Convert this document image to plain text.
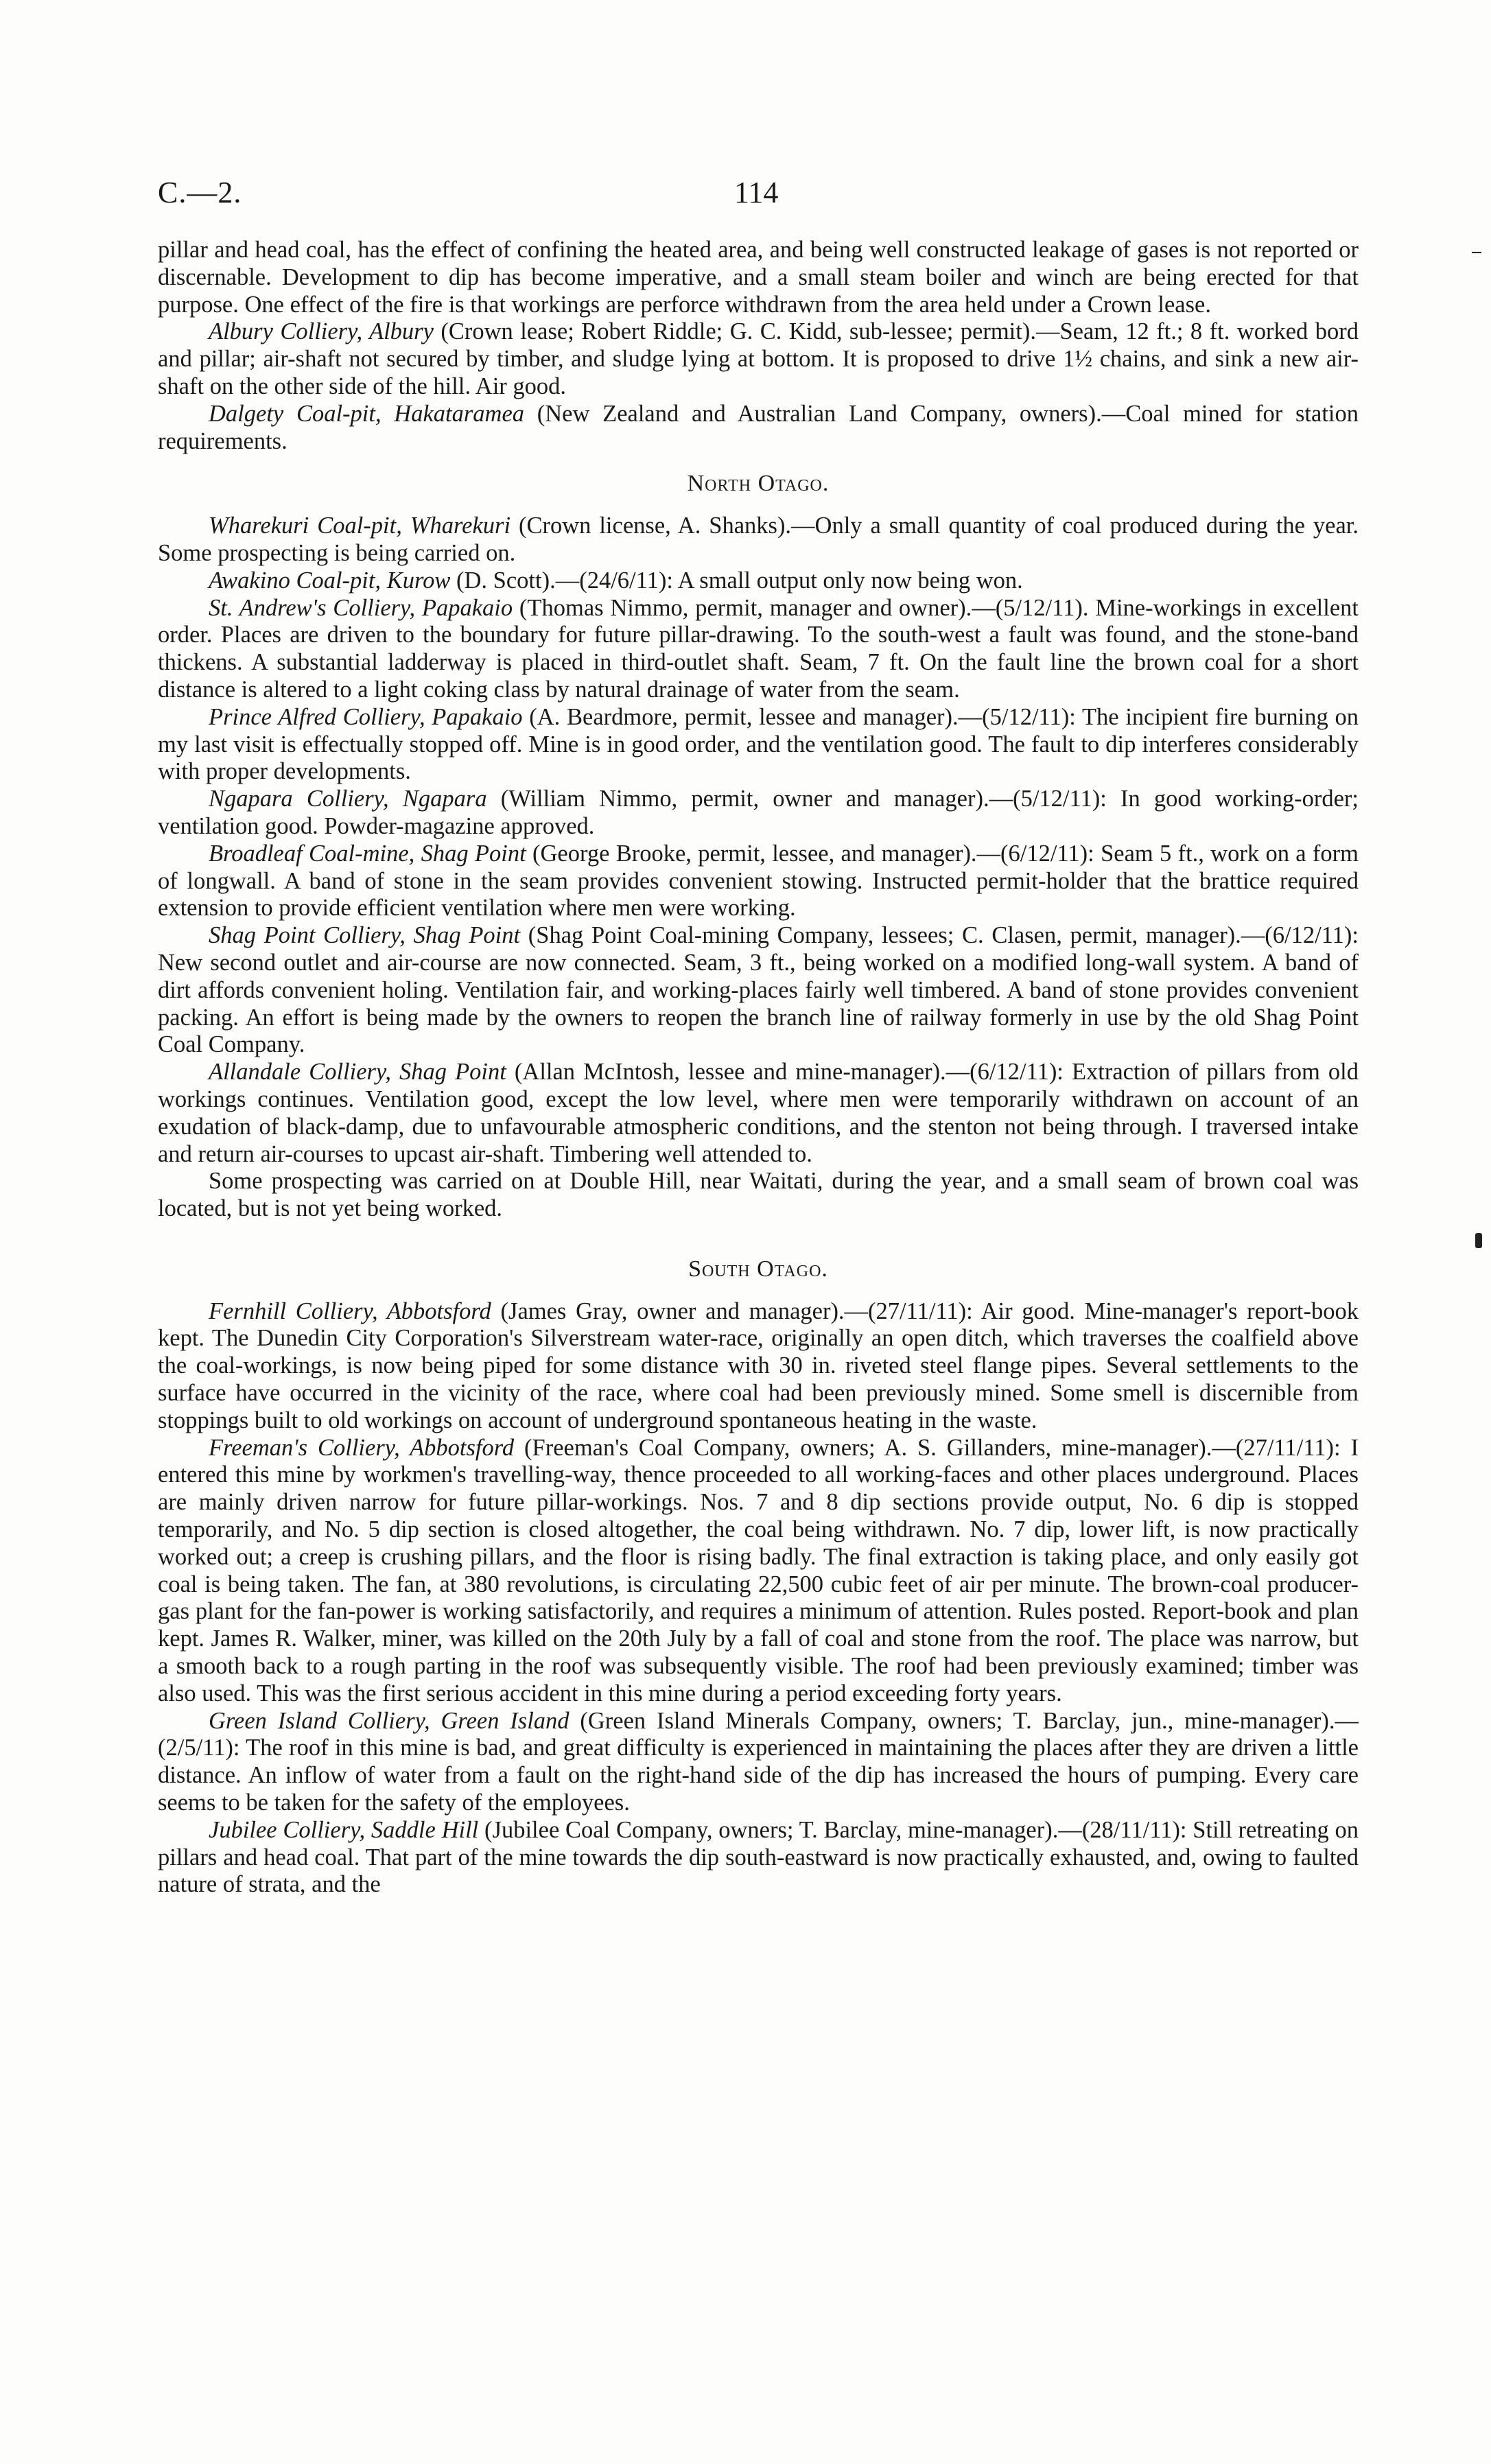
C.—2.	114

pillar and head coal, has the effect of confining the heated area, and being well constructed leakage of gases is not reported or discernable. Development to dip has become imperative, and a small steam boiler and winch are being erected for that purpose. One effect of the fire is that workings are perforce withdrawn from the area held under a Crown lease.

Albury Colliery, Albury (Crown lease; Robert Riddle; G. C. Kidd, sub-lessee; permit).—Seam, 12 ft.; 8 ft. worked bord and pillar; air-shaft not secured by timber, and sludge lying at bottom. It is proposed to drive 1½ chains, and sink a new air-shaft on the other side of the hill. Air good.

Dalgety Coal-pit, Hakataramea (New Zealand and Australian Land Company, owners).—Coal mined for station requirements.

North Otago.

Wharekuri Coal-pit, Wharekuri (Crown license, A. Shanks).—Only a small quantity of coal produced during the year. Some prospecting is being carried on.

Awakino Coal-pit, Kurow (D. Scott).—(24/6/11): A small output only now being won.

St. Andrew's Colliery, Papakaio (Thomas Nimmo, permit, manager and owner).—(5/12/11). Mine-workings in excellent order. Places are driven to the boundary for future pillar-drawing. To the south-west a fault was found, and the stone-band thickens. A substantial ladderway is placed in third-outlet shaft. Seam, 7 ft. On the fault line the brown coal for a short distance is altered to a light coking class by natural drainage of water from the seam.

Prince Alfred Colliery, Papakaio (A. Beardmore, permit, lessee and manager).—(5/12/11): The incipient fire burning on my last visit is effectually stopped off. Mine is in good order, and the ventilation good. The fault to dip interferes considerably with proper developments.

Ngapara Colliery, Ngapara (William Nimmo, permit, owner and manager).—(5/12/11): In good working-order; ventilation good. Powder-magazine approved.

Broadleaf Coal-mine, Shag Point (George Brooke, permit, lessee, and manager).—(6/12/11): Seam 5 ft., work on a form of longwall. A band of stone in the seam provides convenient stowing. Instructed permit-holder that the brattice required extension to provide efficient ventilation where men were working.

Shag Point Colliery, Shag Point (Shag Point Coal-mining Company, lessees; C. Clasen, permit, manager).—(6/12/11): New second outlet and air-course are now connected. Seam, 3 ft., being worked on a modified long-wall system. A band of dirt affords convenient holing. Ventilation fair, and working-places fairly well timbered. A band of stone provides convenient packing. An effort is being made by the owners to reopen the branch line of railway formerly in use by the old Shag Point Coal Company.

Allandale Colliery, Shag Point (Allan McIntosh, lessee and mine-manager).—(6/12/11): Extraction of pillars from old workings continues. Ventilation good, except the low level, where men were temporarily withdrawn on account of an exudation of black-damp, due to unfavourable atmospheric conditions, and the stenton not being through. I traversed intake and return air-courses to upcast air-shaft. Timbering well attended to.

Some prospecting was carried on at Double Hill, near Waitati, during the year, and a small seam of brown coal was located, but is not yet being worked.

South Otago.

Fernhill Colliery, Abbotsford (James Gray, owner and manager).—(27/11/11): Air good. Mine-manager's report-book kept. The Dunedin City Corporation's Silverstream water-race, originally an open ditch, which traverses the coalfield above the coal-workings, is now being piped for some distance with 30 in. riveted steel flange pipes. Several settlements to the surface have occurred in the vicinity of the race, where coal had been previously mined. Some smell is discernible from stoppings built to old workings on account of underground spontaneous heating in the waste.

Freeman's Colliery, Abbotsford (Freeman's Coal Company, owners; A. S. Gillanders, mine-manager).—(27/11/11): I entered this mine by workmen's travelling-way, thence proceeded to all working-faces and other places underground. Places are mainly driven narrow for future pillar-workings. Nos. 7 and 8 dip sections provide output, No. 6 dip is stopped temporarily, and No. 5 dip section is closed altogether, the coal being withdrawn. No. 7 dip, lower lift, is now practically worked out; a creep is crushing pillars, and the floor is rising badly. The final extraction is taking place, and only easily got coal is being taken. The fan, at 380 revolutions, is circulating 22,500 cubic feet of air per minute. The brown-coal producer-gas plant for the fan-power is working satisfactorily, and requires a minimum of attention. Rules posted. Report-book and plan kept. James R. Walker, miner, was killed on the 20th July by a fall of coal and stone from the roof. The place was narrow, but a smooth back to a rough parting in the roof was subsequently visible. The roof had been previously examined; timber was also used. This was the first serious accident in this mine during a period exceeding forty years.

Green Island Colliery, Green Island (Green Island Minerals Company, owners; T. Barclay, jun., mine-manager).—(2/5/11): The roof in this mine is bad, and great difficulty is experienced in maintaining the places after they are driven a little distance. An inflow of water from a fault on the right-hand side of the dip has increased the hours of pumping. Every care seems to be taken for the safety of the employees.

Jubilee Colliery, Saddle Hill (Jubilee Coal Company, owners; T. Barclay, mine-manager).—(28/11/11): Still retreating on pillars and head coal. That part of the mine towards the dip south-eastward is now practically exhausted, and, owing to faulted nature of strata, and the
